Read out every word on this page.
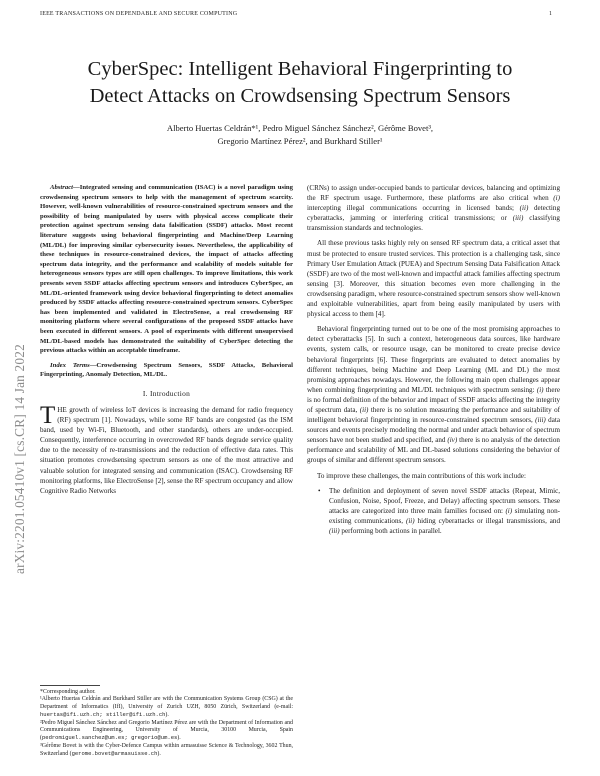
IEEE TRANSACTIONS ON DEPENDABLE AND SECURE COMPUTING	1
arXiv:2201.05410v1 [cs.CR] 14 Jan 2022
CyberSpec: Intelligent Behavioral Fingerprinting to
Detect Attacks on Crowdsensing Spectrum Sensors
Alberto Huertas Celdrán*¹, Pedro Miguel Sánchez Sánchez², Gérôme Bovet³,
Gregorio Martínez Pérez², and Burkhard Stiller¹

Abstract—Integrated sensing and communication (ISAC) is a novel paradigm using crowdsensing spectrum sensors to help with the management of spectrum scarcity. However, well-known vulnerabilities of resource-constrained spectrum sensors and the possibility of being manipulated by users with physical access complicate their protection against spectrum sensing data falsification (SSDF) attacks. Most recent literature suggests using behavioral fingerprinting and Machine/Deep Learning (ML/DL) for improving similar cybersecurity issues. Nevertheless, the applicability of these techniques in resource-constrained devices, the impact of attacks affecting spectrum data integrity, and the performance and scalability of models suitable for heterogeneous sensors types are still open challenges. To improve limitations, this work presents seven SSDF attacks affecting spectrum sensors and introduces CyberSpec, an ML/DL-oriented framework using device behavioral fingerprinting to detect anomalies produced by SSDF attacks affecting resource-constrained spectrum sensors. CyberSpec has been implemented and validated in ElectroSense, a real crowdsensing RF monitoring platform where several configurations of the proposed SSDF attacks have been executed in different sensors. A pool of experiments with different unsupervised ML/DL-based models has demonstrated the suitability of CyberSpec detecting the previous attacks within an acceptable timeframe.

Index Terms—Crowdsensing Spectrum Sensors, SSDF Attacks, Behavioral Fingerprinting, Anomaly Detection, ML/DL.

I. Introduction

THE growth of wireless IoT devices is increasing the demand for radio frequency (RF) spectrum [1]. Nowadays, while some RF bands are congested (as the ISM band, used by Wi-Fi, Bluetooth, and other standards), others are under-occupied. Consequently, interference occurring in overcrowded RF bands degrade service quality due to the necessity of re-transmissions and the reduction of effective data rates. This situation promotes crowdsensing spectrum sensors as one of the most attractive and valuable solution for integrated sensing and communication (ISAC). Crowdsensing RF monitoring platforms, like ElectroSense [2], sense the RF spectrum occupancy and allow Cognitive Radio Networks

*Corresponding author.
¹Alberto Huertas Celdrán and Burkhard Stiller are with the Communication Systems Group (CSG) at the Department of Informatics (IfI), University of Zurich UZH, 8050 Zürich, Switzerland (e-mail: huertas@ifi.uzh.ch; stiller@ifi.uzh.ch).
²Pedro Miguel Sánchez Sánchez and Gregorio Martínez Pérez are with the Department of Information and Communications Engineering, University of Murcia, 30100 Murcia, Spain (pedromiguel.sanchez@um.es; gregorio@um.es).
³Gérôme Bovet is with the Cyber-Defence Campus within armasuisse Science & Technology, 3602 Thun, Switzerland (gerome.bovet@armasuisse.ch).

(CRNs) to assign under-occupied bands to particular devices, balancing and optimizing the RF spectrum usage. Furthermore, these platforms are also critical when (i) intercepting illegal communications occurring in licensed bands; (ii) detecting cyberattacks, jamming or interfering critical transmissions; or (iii) classifying transmission standards and technologies.

All these previous tasks highly rely on sensed RF spectrum data, a critical asset that must be protected to ensure trusted services. This protection is a challenging task, since Primary User Emulation Attack (PUEA) and Spectrum Sensing Data Falsification Attack (SSDF) are two of the most well-known and impactful attack families affecting spectrum sensing [3]. Moreover, this situation becomes even more challenging in the crowdsensing paradigm, where resource-constrained spectrum sensors show well-known and exploitable vulnerabilities, apart from being easily manipulated by users with physical access to them [4].

Behavioral fingerprinting turned out to be one of the most promising approaches to detect cyberattacks [5]. In such a context, heterogeneous data sources, like hardware events, system calls, or resource usage, can be monitored to create precise device behavioral fingerprints [6]. These fingerprints are evaluated to detect anomalies by different techniques, being Machine and Deep Learning (ML and DL) the most promising approaches nowadays. However, the following main open challenges appear when combining fingerprinting and ML/DL techniques with spectrum sensing: (i) there is no formal definition of the behavior and impact of SSDF attacks affecting the integrity of spectrum data, (ii) there is no solution measuring the performance and suitability of intelligent behavioral fingerprinting in resource-constrained spectrum sensors, (iii) data sources and events precisely modeling the normal and under attack behavior of spectrum sensors have not been studied and specified, and (iv) there is no analysis of the detection performance and scalability of ML and DL-based solutions considering the behavior of groups of similar and different spectrum sensors.

To improve these challenges, the main contributions of this work include:

• The definition and deployment of seven novel SSDF attacks (Repeat, Mimic, Confusion, Noise, Spoof, Freeze, and Delay) affecting spectrum sensors. These attacks are categorized into three main families focused on: (i) simulating non-existing communications, (ii) hiding cyberattacks or illegal transmissions, and (iii) performing both actions in parallel.
